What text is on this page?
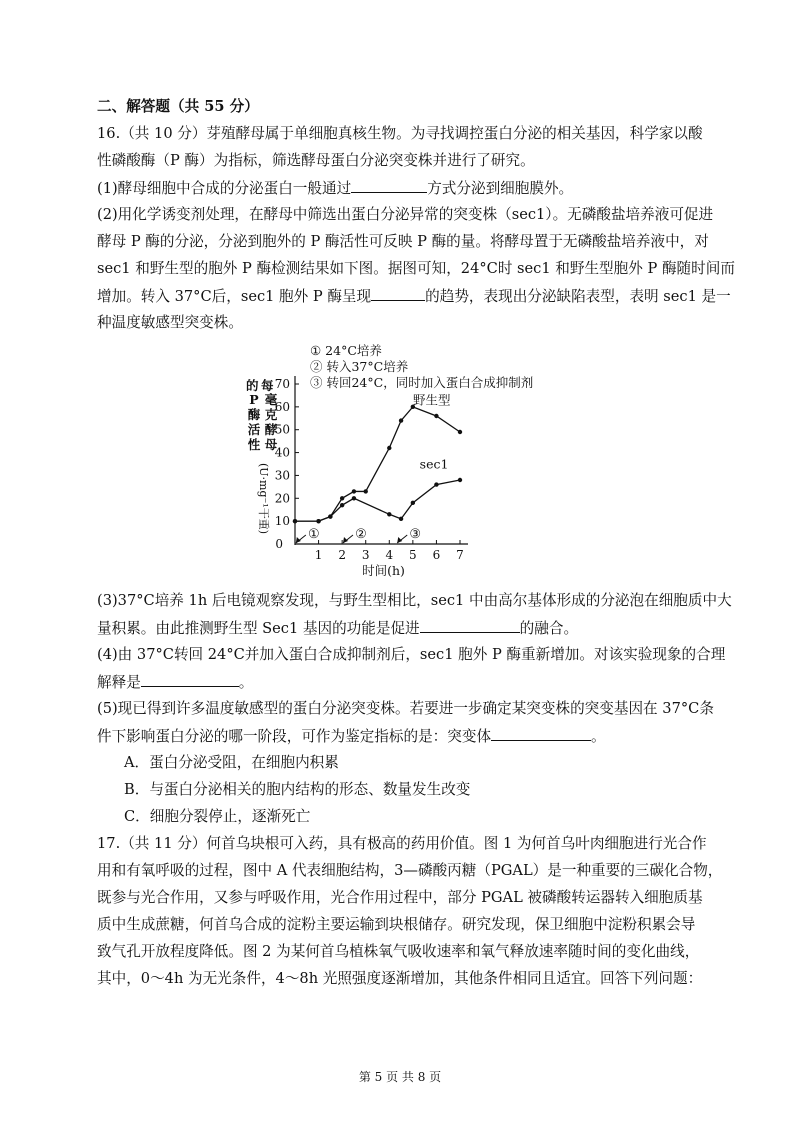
二、解答题（共 55 分）
16.（共 10 分）芽殖酵母属于单细胞真核生物。为寻找调控蛋白分泌的相关基因，科学家以酸
性磷酸酶（P 酶）为指标，筛选酵母蛋白分泌突变株并进行了研究。
(1)酵母细胞中合成的分泌蛋白一般通过	方式分泌到细胞膜外。
(2)用化学诱变剂处理，在酵母中筛选出蛋白分泌异常的突变株（sec1）。无磷酸盐培养液可促进
酵母 P 酶的分泌，分泌到胞外的 P 酶活性可反映 P 酶的量。将酵母置于无磷酸盐培养液中，对
sec1 和野生型的胞外 P 酶检测结果如下图。据图可知，24°C时 sec1 和野生型胞外 P 酶随时间而
增加。转入 37°C后，sec1 胞外 P 酶呈现	的趋势，表现出分泌缺陷表型，表明 sec1 是一
种温度敏感型突变株。
① 24°C培养
② 转入37°C培养
③ 转回24°C，同时加入蛋白合成抑制剂
的 每
P
酶
活
性
毫
克
酵
母
(U·mg⁻¹干重)
0
10
20
30
40
50
60
70
1 2 3 4 5 6 7
时间(h)
①	②	③
野生型
sec1
(3)37°C培养 1h 后电镜观察发现，与野生型相比，sec1 中由高尔基体形成的分泌泡在细胞质中大
量积累。由此推测野生型 Sec1 基因的功能是促进	的融合。
(4)由 37°C转回 24°C并加入蛋白合成抑制剂后，sec1 胞外 P 酶重新增加。对该实验现象的合理
解释是	。
(5)现已得到许多温度敏感型的蛋白分泌突变株。若要进一步确定某突变株的突变基因在 37°C条
件下影响蛋白分泌的哪一阶段，可作为鉴定指标的是：突变体	。
A．蛋白分泌受阻，在细胞内积累
B．与蛋白分泌相关的胞内结构的形态、数量发生改变
C．细胞分裂停止，逐渐死亡
17.（共 11 分）何首乌块根可入药，具有极高的药用价值。图 1 为何首乌叶肉细胞进行光合作
用和有氧呼吸的过程，图中 A 代表细胞结构，3—磷酸丙糖（PGAL）是一种重要的三碳化合物，
既参与光合作用，又参与呼吸作用，光合作用过程中，部分 PGAL 被磷酸转运器转入细胞质基
质中生成蔗糖，何首乌合成的淀粉主要运输到块根储存。研究发现，保卫细胞中淀粉积累会导
致气孔开放程度降低。图 2 为某何首乌植株氧气吸收速率和氧气释放速率随时间的变化曲线，
其中，0～4h 为无光条件，4～8h 光照强度逐渐增加，其他条件相同且适宜。回答下列问题：
第 5 页 共 8 页
